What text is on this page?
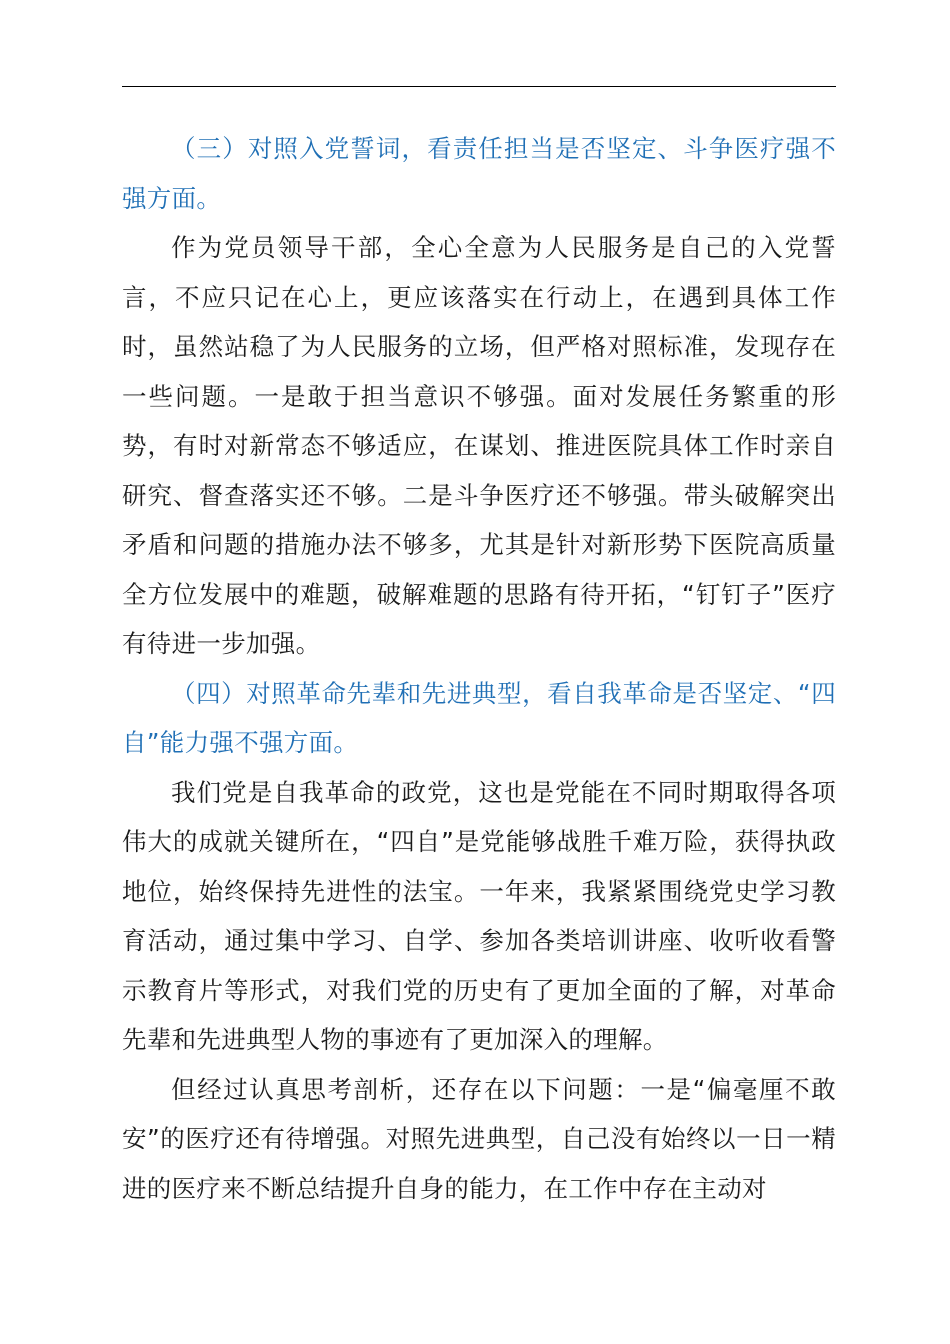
（三）对照入党誓词，看责任担当是否坚定、斗争医疗强不强方面。

作为党员领导干部，全心全意为人民服务是自己的入党誓言，不应只记在心上，更应该落实在行动上，在遇到具体工作时，虽然站稳了为人民服务的立场，但严格对照标准，发现存在一些问题。一是敢于担当意识不够强。面对发展任务繁重的形势，有时对新常态不够适应，在谋划、推进医院具体工作时亲自研究、督查落实还不够。二是斗争医疗还不够强。带头破解突出矛盾和问题的措施办法不够多，尤其是针对新形势下医院高质量全方位发展中的难题，破解难题的思路有待开拓，“钉钉子”医疗有待进一步加强。

（四）对照革命先辈和先进典型，看自我革命是否坚定、“四自”能力强不强方面。

我们党是自我革命的政党，这也是党能在不同时期取得各项伟大的成就关键所在，“四自”是党能够战胜千难万险，获得执政地位，始终保持先进性的法宝。一年来，我紧紧围绕党史学习教育活动，通过集中学习、自学、参加各类培训讲座、收听收看警示教育片等形式，对我们党的历史有了更加全面的了解，对革命先辈和先进典型人物的事迹有了更加深入的理解。

但经过认真思考剖析，还存在以下问题：一是“偏毫厘不敢安”的医疗还有待增强。对照先进典型，自己没有始终以一日一精进的医疗来不断总结提升自身的能力，在工作中存在主动对
